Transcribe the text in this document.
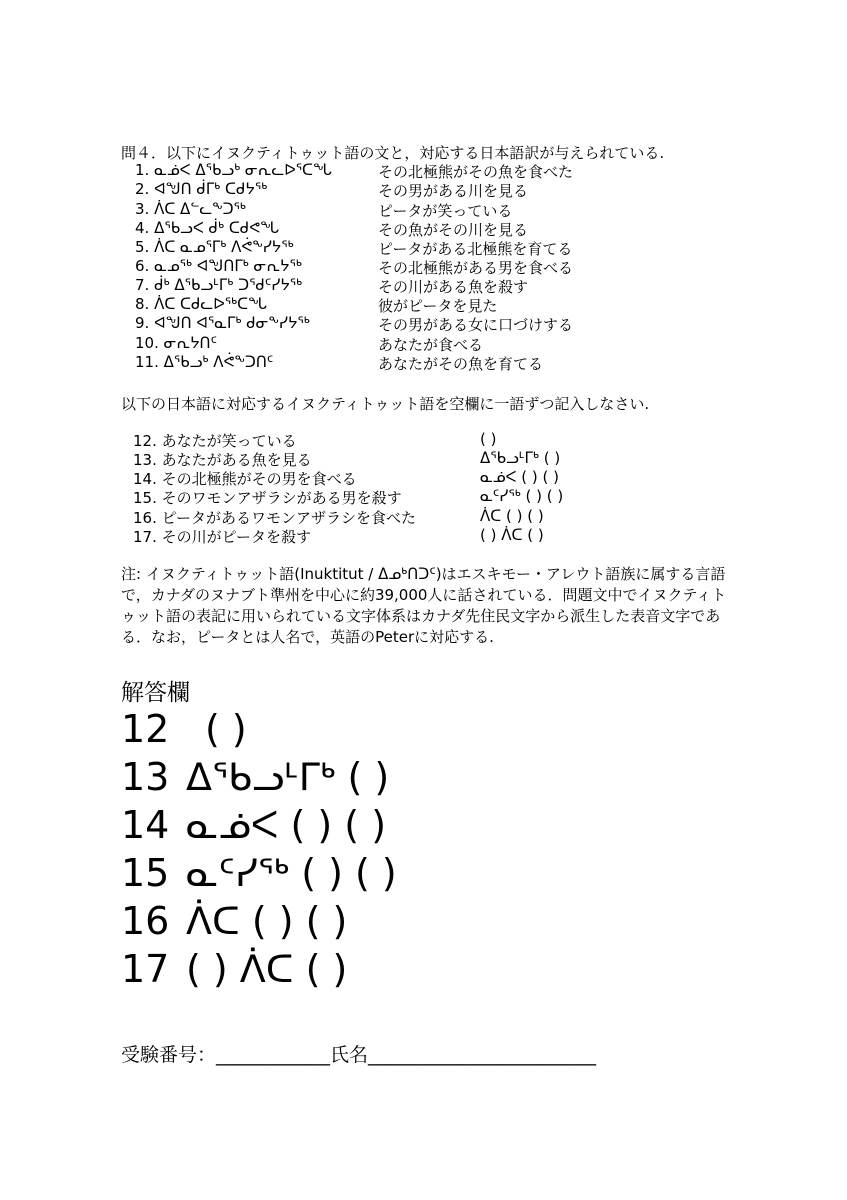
問４．以下にイヌクティトゥット語の文と，対応する日本語訳が与えられている.
1. ᓇᓅᐸ ᐃᖃᓗᒃ ᓂᕆᓚᐅᕐᑕᖓ	その北極熊がその魚を食べた
2. ᐊᖑᑎ ᑰᒥᒃ ᑕᑯᔭᖅ	その男がある川を見る
3. ᐲᑕ ᐃᓪᓚᖕᑐᖅ	ピータが笑っている
4. ᐃᖃᓗᐸ ᑰᒃ ᑕᑯᕙᖓ	その魚がその川を見る
5. ᐲᑕ ᓇᓄᕐᒥᒃ ᐱᕚᖕᓯᔭᖅ	ピータがある北極熊を育てる
6. ᓇᓄᖅ ᐊᖑᑎᒥᒃ ᓂᕆᔭᖅ	その北極熊がある男を食べる
7. ᑰᒃ ᐃᖃᓗᒻᒥᒃ ᑐᖁᑦᓯᔭᖅ	その川がある魚を殺す
8. ᐲᑕ ᑕᑯᓚᐅᖅᑕᖓ	彼がピータを見た
9. ᐊᖑᑎ ᐊᕐᓇᒥᒃ ᑯᓂᖕᓯᔭᖅ	その男がある女に口づけする
10. ᓂᕆᔭᑎᑦ	あなたが食べる
11. ᐃᖃᓗᒃ ᐱᕚᖕᑐᑎᑦ	あなたがその魚を育てる
以下の日本語に対応するイヌクティトゥット語を空欄に一語ずつ記入しなさい.
12. あなたが笑っている	( )
13. あなたがある魚を見る	ᐃᖃᓗᒻᒥᒃ ( )
14. その北極熊がその男を食べる	ᓇᓅᐸ ( ) ( )
15. そのワモンアザラシがある男を殺す	ᓇᑦᓯᖅ ( ) ( )
16. ピータがあるワモンアザラシを食べた	ᐲᑕ ( ) ( )
17. その川がピータを殺す	( ) ᐲᑕ ( )
注: イヌクティトゥット語(Inuktitut / ᐃᓄᒃᑎᑐᑦ)はエスキモー・アレウト語族に属する言語で，カナダのヌナブト準州を中心に約39,000人に話されている．問題文中でイヌクティトゥット語の表記に用いられている文字体系はカナダ先住民文字から派生した表音文字である．なお，ピータとは人名で，英語のPeterに対応する.
解答欄
12 ( )
13 ᐃᖃᓗᒻᒥᒃ ( )
14 ᓇᓅᐸ ( ) ( )
15 ᓇᑦᓯᖅ ( ) ( )
16 ᐲᑕ ( ) ( )
17 ( ) ᐲᑕ ( )
受験番号：____________氏名________________________
